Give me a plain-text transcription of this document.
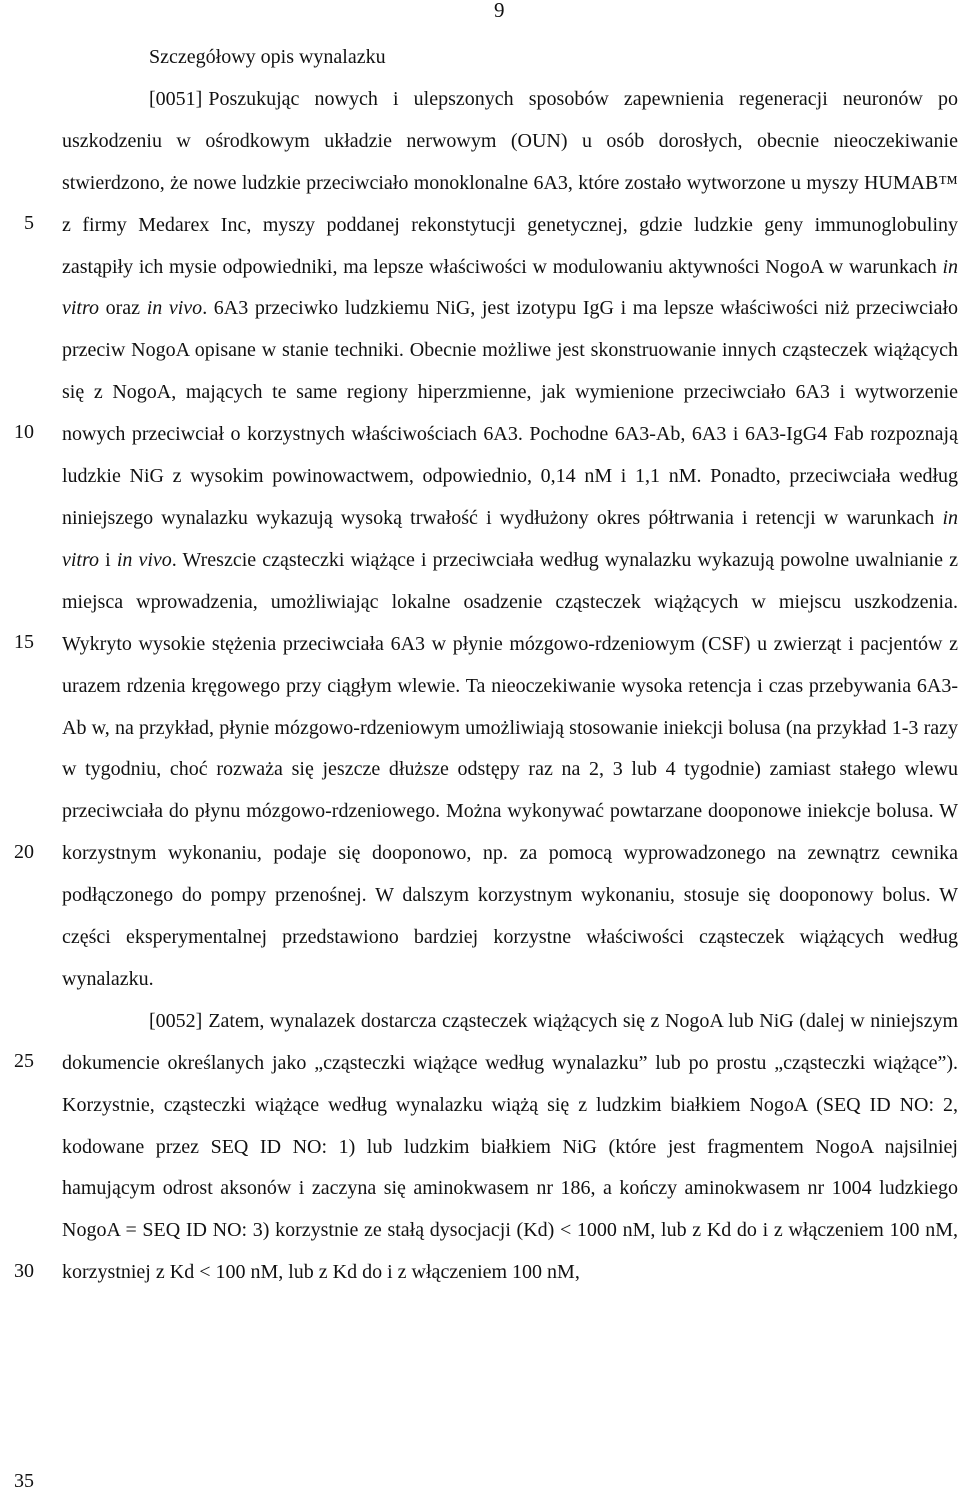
9
5
10
15
20
25
30
35
Szczegółowy opis wynalazku

[0051] Poszukując nowych i ulepszonych sposobów zapewnienia regeneracji neuronów po uszkodzeniu w ośrodkowym układzie nerwowym (OUN) u osób dorosłych, obecnie nieoczekiwanie stwierdzono, że nowe ludzkie przeciwciało monoklonalne 6A3, które zostało wytworzone u myszy HUMAB™ z firmy Medarex Inc, myszy poddanej rekonstytucji genetycznej, gdzie ludzkie geny immunoglobuliny zastąpiły ich mysie odpowiedniki, ma lepsze właściwości w modulowaniu aktywności NogoA w warunkach in vitro oraz in vivo. 6A3 przeciwko ludzkiemu NiG, jest izotypu IgG i ma lepsze właściwości niż przeciwciało przeciw NogoA opisane w stanie techniki. Obecnie możliwe jest skonstruowanie innych cząsteczek wiążących się z NogoA, mających te same regiony hiperzmienne, jak wymienione przeciwciało 6A3 i wytworzenie nowych przeciwciał o korzystnych właściwościach 6A3. Pochodne 6A3-Ab, 6A3 i 6A3-IgG4 Fab rozpoznają ludzkie NiG z wysokim powinowactwem, odpowiednio, 0,14 nM i 1,1 nM. Ponadto, przeciwciała według niniejszego wynalazku wykazują wysoką trwałość i wydłużony okres półtrwania i retencji w warunkach in vitro i in vivo. Wreszcie cząsteczki wiążące i przeciwciała według wynalazku wykazują powolne uwalnianie z miejsca wprowadzenia, umożliwiając lokalne osadzenie cząsteczek wiążących w miejscu uszkodzenia. Wykryto wysokie stężenia przeciwciała 6A3 w płynie mózgowo-rdzeniowym (CSF) u zwierząt i pacjentów z urazem rdzenia kręgowego przy ciągłym wlewie. Ta nieoczekiwanie wysoka retencja i czas przebywania 6A3-Ab w, na przykład, płynie mózgowo-rdzeniowym umożliwiają stosowanie iniekcji bolusa (na przykład 1-3 razy w tygodniu, choć rozważa się jeszcze dłuższe odstępy raz na 2, 3 lub 4 tygodnie) zamiast stałego wlewu przeciwciała do płynu mózgowo-rdzeniowego. Można wykonywać powtarzane dooponowe iniekcje bolusa. W korzystnym wykonaniu, podaje się dooponowo, np. za pomocą wyprowadzonego na zewnątrz cewnika podłączonego do pompy przenośnej. W dalszym korzystnym wykonaniu, stosuje się dooponowy bolus. W części eksperymentalnej przedstawiono bardziej korzystne właściwości cząsteczek wiążących według wynalazku.

[0052] Zatem, wynalazek dostarcza cząsteczek wiążących się z NogoA lub NiG (dalej w niniejszym dokumencie określanych jako „cząsteczki wiążące według wynalazku” lub po prostu „cząsteczki wiążące”). Korzystnie, cząsteczki wiążące według wynalazku wiążą się z ludzkim białkiem NogoA (SEQ ID NO: 2, kodowane przez SEQ ID NO: 1) lub ludzkim białkiem NiG (które jest fragmentem NogoA najsilniej hamującym odrost aksonów i zaczyna się aminokwasem nr 186, a kończy aminokwasem nr 1004 ludzkiego NogoA = SEQ ID NO: 3) korzystnie ze stałą dysocjacji (Kd) < 1000 nM, lub z Kd do i z włączeniem 100 nM, korzystniej z Kd < 100 nM, lub z Kd do i z włączeniem 100 nM,
